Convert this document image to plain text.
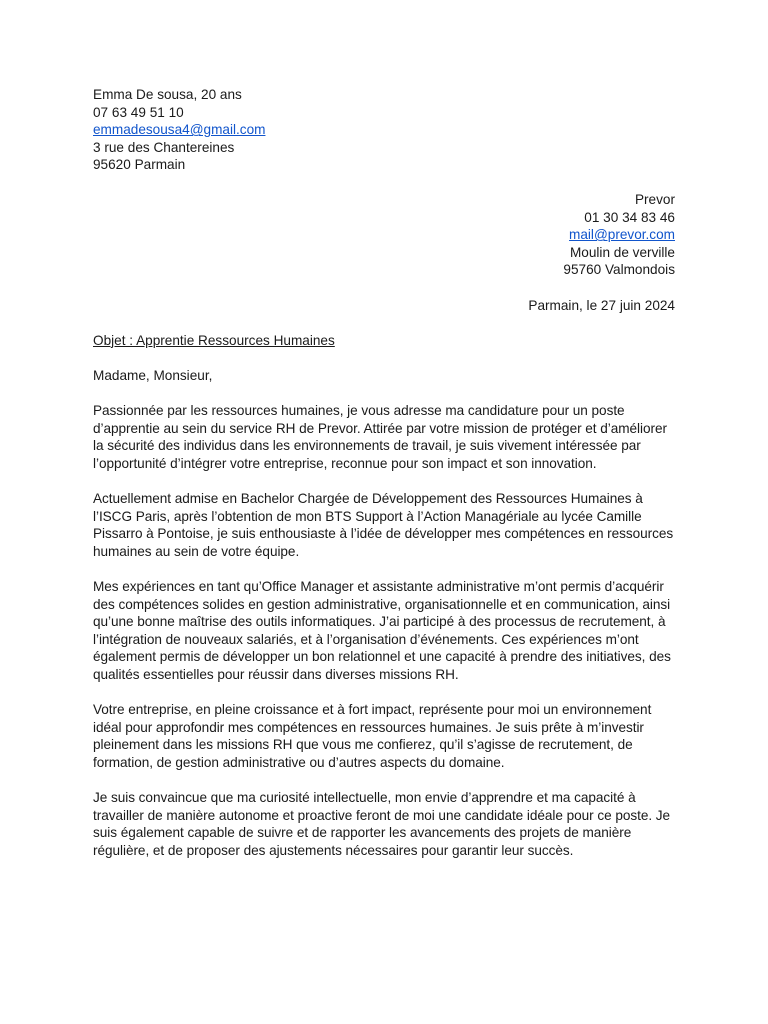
Emma De sousa, 20 ans
07 63 49 51 10
emmadesousa4@gmail.com
3 rue des Chantereines
95620 Parmain
Prevor
01 30 34 83 46
mail@prevor.com
Moulin de verville
95760 Valmondois
Parmain, le 27 juin 2024
Objet : Apprentie Ressources Humaines
Madame, Monsieur,

Passionnée par les ressources humaines, je vous adresse ma candidature pour un poste d’apprentie au sein du service RH de Prevor. Attirée par votre mission de protéger et d’améliorer la sécurité des individus dans les environnements de travail, je suis vivement intéressée par l’opportunité d’intégrer votre entreprise, reconnue pour son impact et son innovation.

Actuellement admise en Bachelor Chargée de Développement des Ressources Humaines à l’ISCG Paris, après l’obtention de mon BTS Support à l’Action Managériale au lycée Camille Pissarro à Pontoise, je suis enthousiaste à l’idée de développer mes compétences en ressources humaines au sein de votre équipe.

Mes expériences en tant qu’Office Manager et assistante administrative m’ont permis d’acquérir des compétences solides en gestion administrative, organisationnelle et en communication, ainsi qu’une bonne maîtrise des outils informatiques. J’ai participé à des processus de recrutement, à l’intégration de nouveaux salariés, et à l’organisation d’événements. Ces expériences m’ont également permis de développer un bon relationnel et une capacité à prendre des initiatives, des qualités essentielles pour réussir dans diverses missions RH.

Votre entreprise, en pleine croissance et à fort impact, représente pour moi un environnement idéal pour approfondir mes compétences en ressources humaines. Je suis prête à m’investir pleinement dans les missions RH que vous me confierez, qu’il s’agisse de recrutement, de formation, de gestion administrative ou d’autres aspects du domaine.

Je suis convaincue que ma curiosité intellectuelle, mon envie d’apprendre et ma capacité à travailler de manière autonome et proactive feront de moi une candidate idéale pour ce poste. Je suis également capable de suivre et de rapporter les avancements des projets de manière régulière, et de proposer des ajustements nécessaires pour garantir leur succès.
